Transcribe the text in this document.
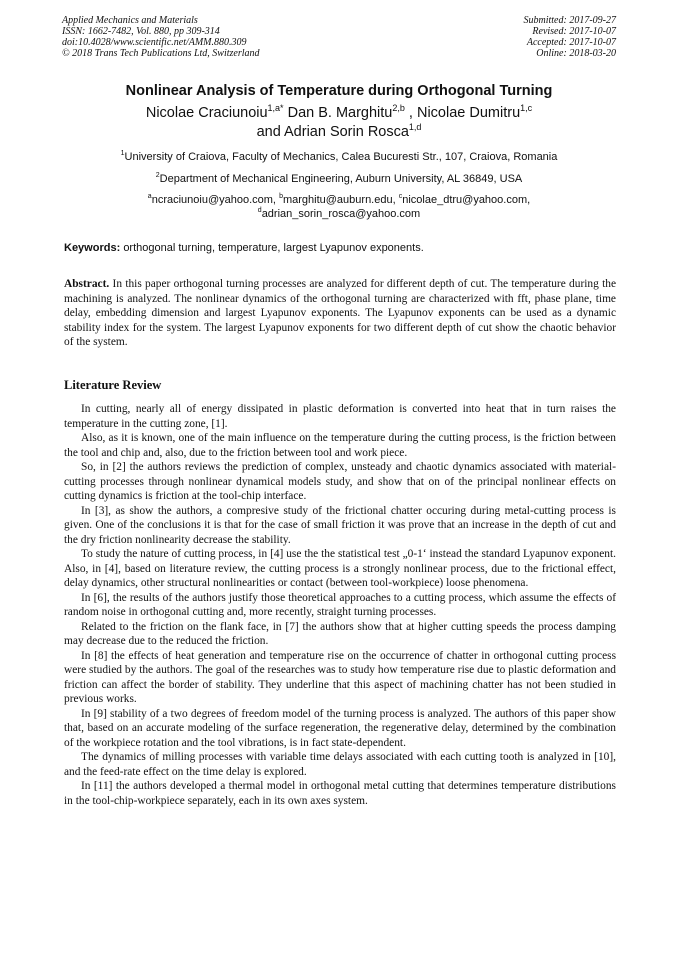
Applied Mechanics and Materials
ISSN: 1662-7482, Vol. 880, pp 309-314
doi:10.4028/www.scientific.net/AMM.880.309
© 2018 Trans Tech Publications Ltd, Switzerland
Submitted: 2017-09-27
Revised: 2017-10-07
Accepted: 2017-10-07
Online: 2018-03-20
Nonlinear Analysis of Temperature during Orthogonal Turning
Nicolae Craciunoiu$^{1,a*}$ Dan B. Marghitu$^{2,b}$ , Nicolae Dumitru$^{1,c}$
and Adrian Sorin Rosca$^{1,d}$
$^1$University of Craiova, Faculty of Mechanics, Calea Bucuresti Str., 107, Craiova, Romania
$^2$Department of Mechanical Engineering, Auburn University, AL 36849, USA
$^a$ncraciunoiu@yahoo.com, $^b$marghitu@auburn.edu, $^c$nicolae_dtru@yahoo.com,
$^d$adrian_sorin_rosca@yahoo.com
Keywords: orthogonal turning, temperature, largest Lyapunov exponents.

Abstract. In this paper orthogonal turning processes are analyzed for different depth of cut. The temperature during the machining is analyzed. The nonlinear dynamics of the orthogonal turning are characterized with fft, phase plane, time delay, embedding dimension and largest Lyapunov exponents. The Lyapunov exponents can be used as a dynamic stability index for the system. The largest Lyapunov exponents for two different depth of cut show the chaotic behavior of the system.

Literature Review

In cutting, nearly all of energy dissipated in plastic deformation is converted into heat that in turn raises the temperature in the cutting zone, [1].

Also, as it is known, one of the main influence on the temperature during the cutting process, is the friction between the tool and chip and, also, due to the friction between tool and work piece.

So, in [2] the authors reviews the prediction of complex, unsteady and chaotic dynamics associated with material-cutting processes through nonlinear dynamical models study, and show that on of the principal nonlinear effects on cutting dynamics is friction at the tool-chip interface.

In [3], as show the authors, a compresive study of the frictional chatter occuring during metal-cutting process is given. One of the conclusions it is that for the case of small friction it was prove that an increase in the depth of cut and the dry friction nonlinearity decrease the stability.

To study the nature of cutting process, in [4] use the the statistical test „0-1‘ instead the standard Lyapunov exponent. Also, in [4], based on literature review, the cutting process is a strongly nonlinear process, due to the frictional effect, delay dynamics, other structural nonlinearities or contact (between tool-workpiece) loose phenomena.

In [6], the results of the authors justify those theoretical approaches to a cutting process, which assume the effects of random noise in orthogonal cutting and, more recently, straight turning processes.

Related to the friction on the flank face, in [7] the authors show that at higher cutting speeds the process damping may decrease due to the reduced the friction.

In [8] the effects of heat generation and temperature rise on the occurrence of chatter in orthogonal cutting process were studied by the authors. The goal of the researches was to study how temperature rise due to plastic deformation and friction can affect the border of stability. They underline that this aspect of machining chatter has not been studied in previous works.

In [9] stability of a two degrees of freedom model of the turning process is analyzed. The authors of this paper show that, based on an accurate modeling of the surface regeneration, the regenerative delay, determined by the combination of the workpiece rotation and the tool vibrations, is in fact state-dependent.

The dynamics of milling processes with variable time delays associated with each cutting tooth is analyzed in [10], and the feed-rate effect on the time delay is explored.

In [11] the authors developed a thermal model in orthogonal metal cutting that determines temperature distributions in the tool-chip-workpiece separately, each in its own axes system.
